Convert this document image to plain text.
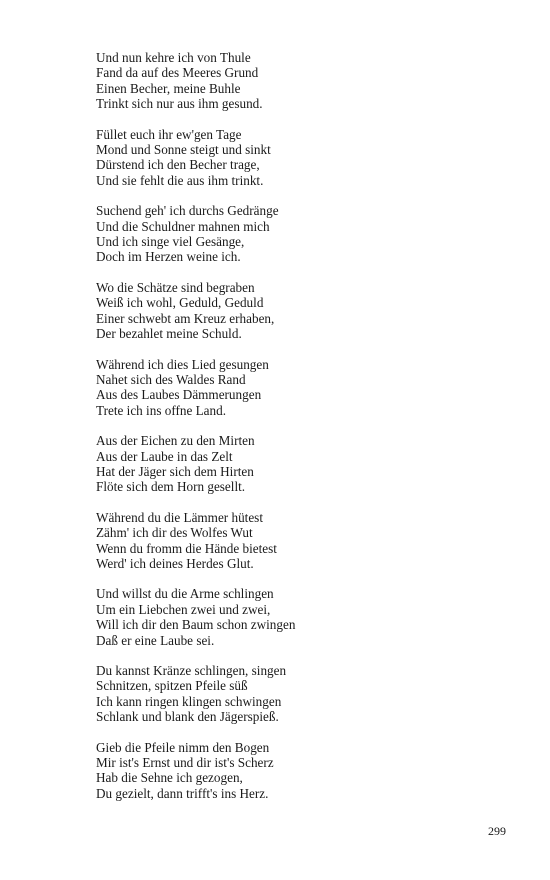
Und nun kehre ich von Thule
Fand da auf des Meeres Grund
Einen Becher, meine Buhle
Trinkt sich nur aus ihm gesund.
Füllet euch ihr ew'gen Tage
Mond und Sonne steigt und sinkt
Dürstend ich den Becher trage,
Und sie fehlt die aus ihm trinkt.
Suchend geh' ich durchs Gedränge
Und die Schuldner mahnen mich
Und ich singe viel Gesänge,
Doch im Herzen weine ich.
Wo die Schätze sind begraben
Weiß ich wohl, Geduld, Geduld
Einer schwebt am Kreuz erhaben,
Der bezahlet meine Schuld.
Während ich dies Lied gesungen
Nahet sich des Waldes Rand
Aus des Laubes Dämmerungen
Trete ich ins offne Land.
Aus der Eichen zu den Mirten
Aus der Laube in das Zelt
Hat der Jäger sich dem Hirten
Flöte sich dem Horn gesellt.
Während du die Lämmer hütest
Zähm' ich dir des Wolfes Wut
Wenn du fromm die Hände bietest
Werd' ich deines Herdes Glut.
Und willst du die Arme schlingen
Um ein Liebchen zwei und zwei,
Will ich dir den Baum schon zwingen
Daß er eine Laube sei.
Du kannst Kränze schlingen, singen
Schnitzen, spitzen Pfeile süß
Ich kann ringen klingen schwingen
Schlank und blank den Jägerspieß.
Gieb die Pfeile nimm den Bogen
Mir ist's Ernst und dir ist's Scherz
Hab die Sehne ich gezogen,
Du gezielt, dann trifft's ins Herz.
299
